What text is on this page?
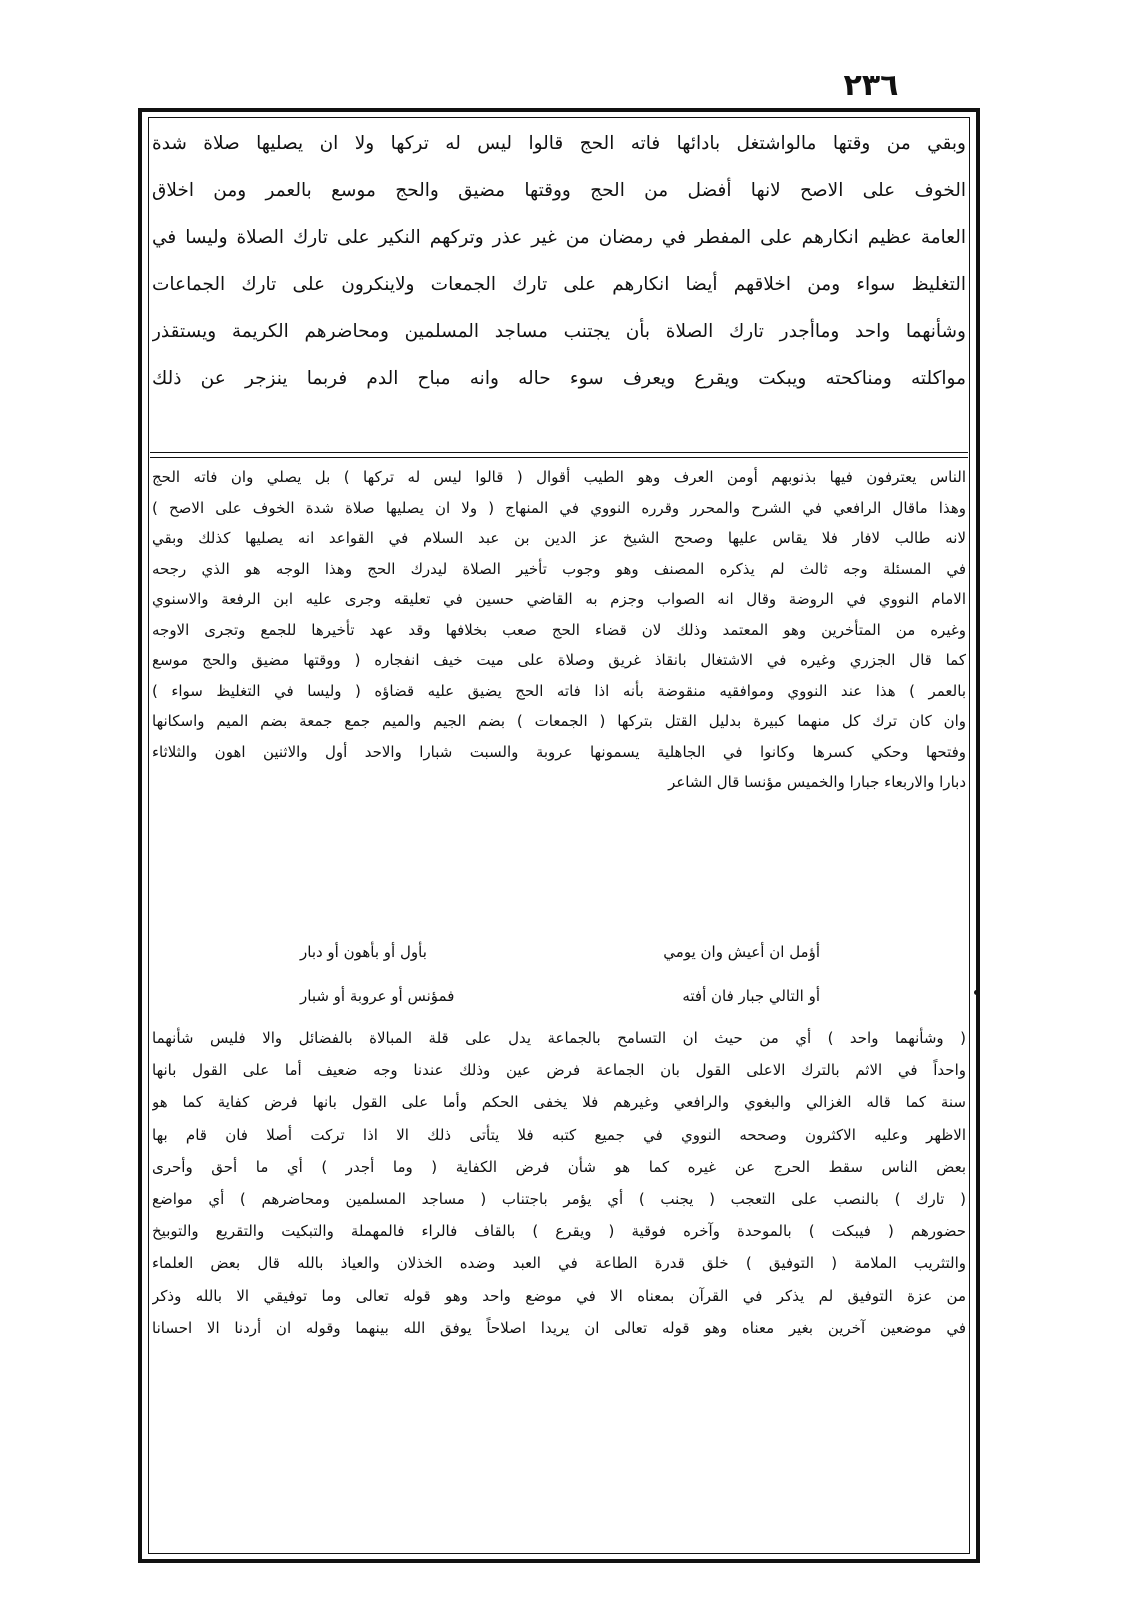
٢٣٦
وبقي من وقتها مالواشتغل بادائها فاته الحج قالوا ليس له تركها ولا ان يصليها صلاة شدة
الخوف على الاصح لانها أفضل من الحج ووقتها مضيق والحج موسع بالعمر ومن اخلاق
العامة عظيم انكارهم على المفطر في رمضان من غير عذر وتركهم النكير على تارك الصلاة وليسا في
التغليظ سواء ومن اخلاقهم أيضا انكارهم على تارك الجمعات ولاينكرون على تارك الجماعات
وشأنهما واحد وماأجدر تارك الصلاة بأن يجتنب مساجد المسلمين ومحاضرهم الكريمة ويستقذر
مواكلته ومناكحته ويبكت ويقرع ويعرف سوء حاله وانه مباح الدم فربما ينزجر عن ذلك
الناس يعترفون فيها بذنوبهم أومن العرف وهو الطيب أقوال ( قالوا ليس له تركها ) بل يصلي وان فاته الحج
وهذا ماقال الرافعي في الشرح والمحرر وقرره النووي في المنهاج ( ولا ان يصليها صلاة شدة الخوف على الاصح )
لانه طالب لافار فلا يقاس عليها وصحح الشيخ عز الدين بن عبد السلام في القواعد انه يصليها كذلك وبقي
في المسئلة وجه ثالث لم يذكره المصنف وهو وجوب تأخير الصلاة ليدرك الحج وهذا الوجه هو الذي رجحه
الامام النووي في الروضة وقال انه الصواب وجزم به القاضي حسين في تعليقه وجرى عليه ابن الرفعة والاسنوي
وغيره من المتأخرين وهو المعتمد وذلك لان قضاء الحج صعب بخلافها وقد عهد تأخيرها للجمع وتجرى الاوجه
كما قال الجزري وغيره في الاشتغال بانقاذ غريق وصلاة على ميت خيف انفجاره ( ووقتها مضيق والحج موسع
بالعمر ) هذا عند النووي وموافقيه منقوضة بأنه اذا فاته الحج يضيق عليه قضاؤه ( وليسا في التغليظ سواء )
وان كان ترك كل منهما كبيرة بدليل القتل بتركها ( الجمعات ) بضم الجيم والميم جمع جمعة بضم الميم واسكانها
وفتحها وحكي كسرها وكانوا في الجاهلية يسمونها عروبة والسبت شبارا والاحد أول والاثنين اهون والثلاثاء
دبارا والاربعاء جبارا والخميس مؤنسا قال الشاعر
أؤمل ان أعيش وان يومي
بأول أو بأهون أو دبار
أو التالي جبار فان أفته
فمؤنس أو عروبة أو شبار
( وشأنهما واحد ) أي من حيث ان التسامح بالجماعة يدل على قلة المبالاة بالفضائل والا فليس شأنهما
واحداً في الاثم بالترك الاعلى القول بان الجماعة فرض عين وذلك عندنا وجه ضعيف أما على القول بانها
سنة كما قاله الغزالي والبغوي والرافعي وغيرهم فلا يخفى الحكم وأما على القول بانها فرض كفاية كما هو
الاظهر وعليه الاكثرون وصححه النووي في جميع كتبه فلا يتأتى ذلك الا اذا تركت أصلا فان قام بها
بعض الناس سقط الحرج عن غيره كما هو شأن فرض الكفاية ( وما أجدر ) أي ما أحق وأحرى
( تارك ) بالنصب على التعجب ( يجنب ) أي يؤمر باجتناب ( مساجد المسلمين ومحاضرهم ) أي مواضع
حضورهم ( فيبكت ) بالموحدة وآخره فوقية ( ويقرع ) بالقاف فالراء فالمهملة والتبكيت والتقريع والتوبيخ
والتثريب الملامة ( التوفيق ) خلق قدرة الطاعة في العبد وضده الخذلان والعياذ بالله قال بعض العلماء
من عزة التوفيق لم يذكر في القرآن بمعناه الا في موضع واحد وهو قوله تعالى وما توفيقي الا بالله وذكر
في موضعين آخرين بغير معناه وهو قوله تعالى ان يريدا اصلاحاً يوفق الله بينهما وقوله ان أردنا الا احسانا
